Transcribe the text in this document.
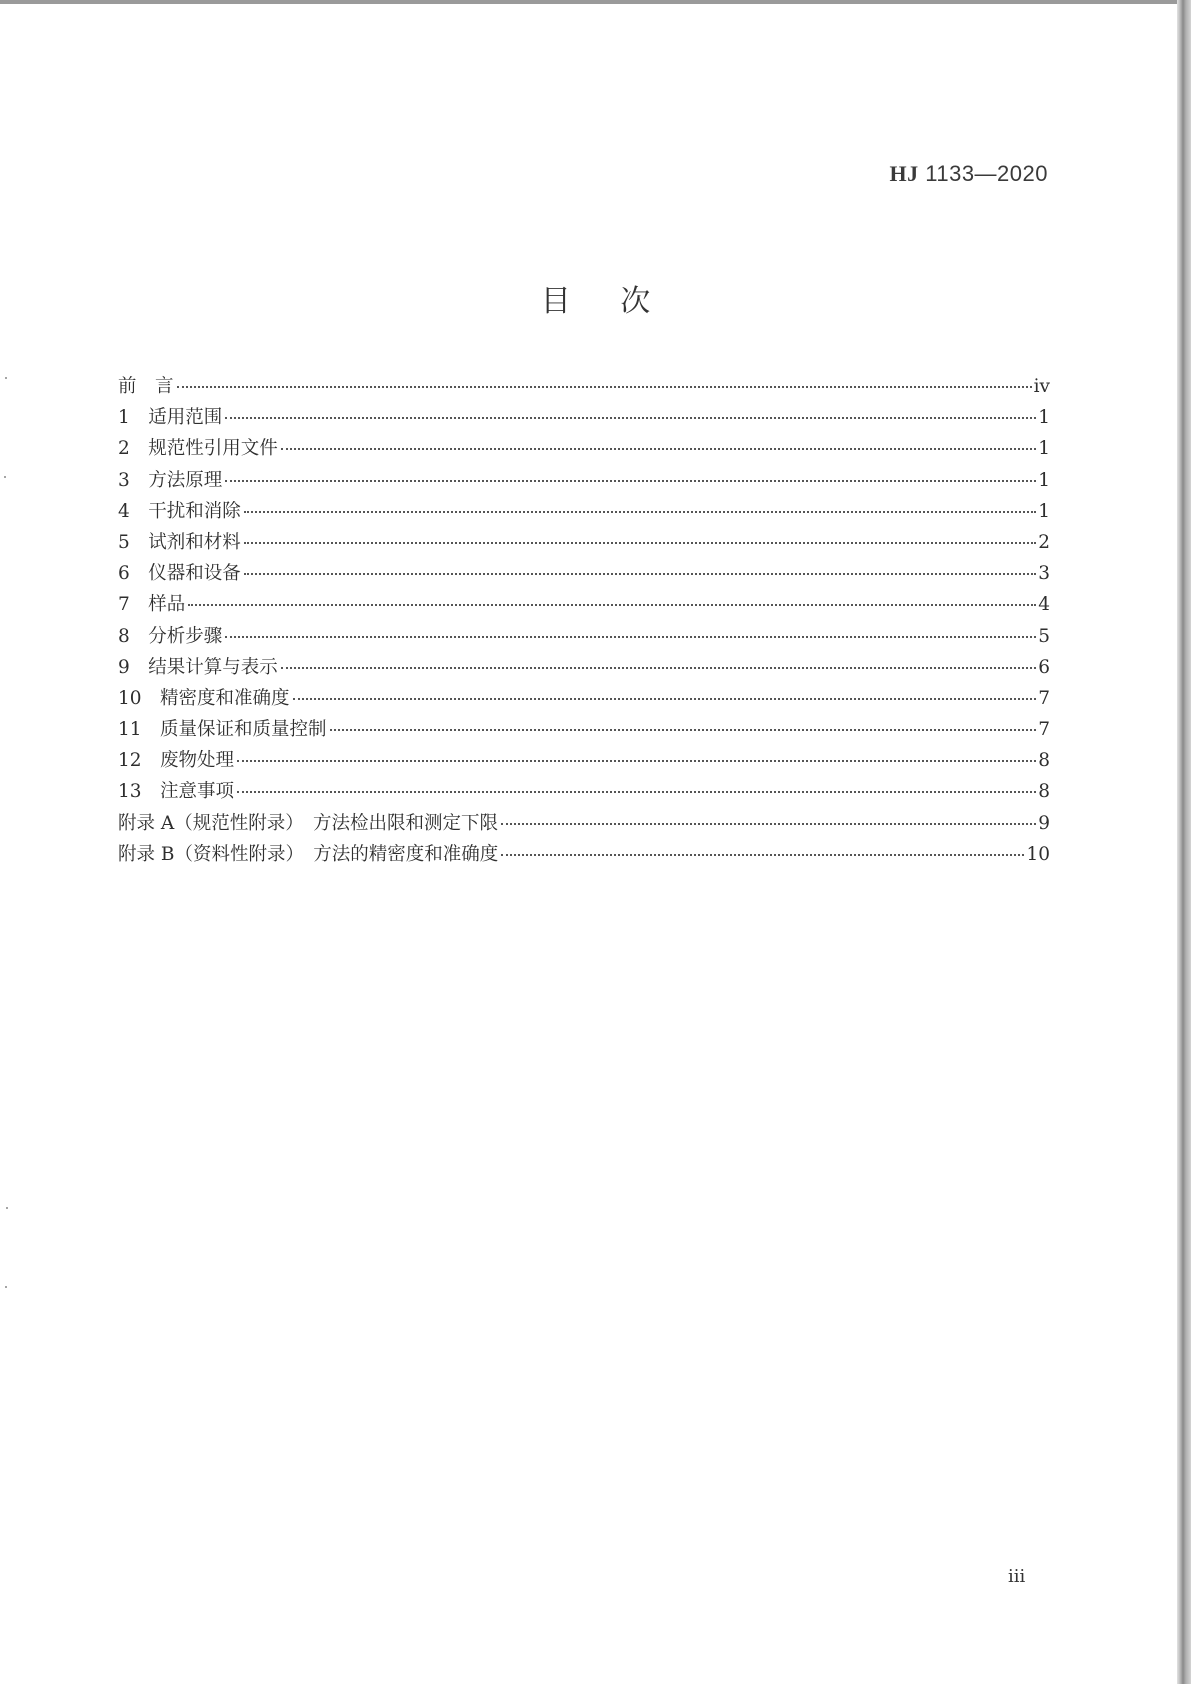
HJ 1133—2020
目 次
前　言	iv
1　适用范围	1
2　规范性引用文件	1
3　方法原理	1
4　干扰和消除	1
5　试剂和材料	2
6　仪器和设备	3
7　样品	4
8　分析步骤	5
9　结果计算与表示	6
10　精密度和准确度	7
11　质量保证和质量控制	7
12　废物处理	8
13　注意事项	8
附录 A（规范性附录）　方法检出限和测定下限	9
附录 B（资料性附录）　方法的精密度和准确度	10
iii
